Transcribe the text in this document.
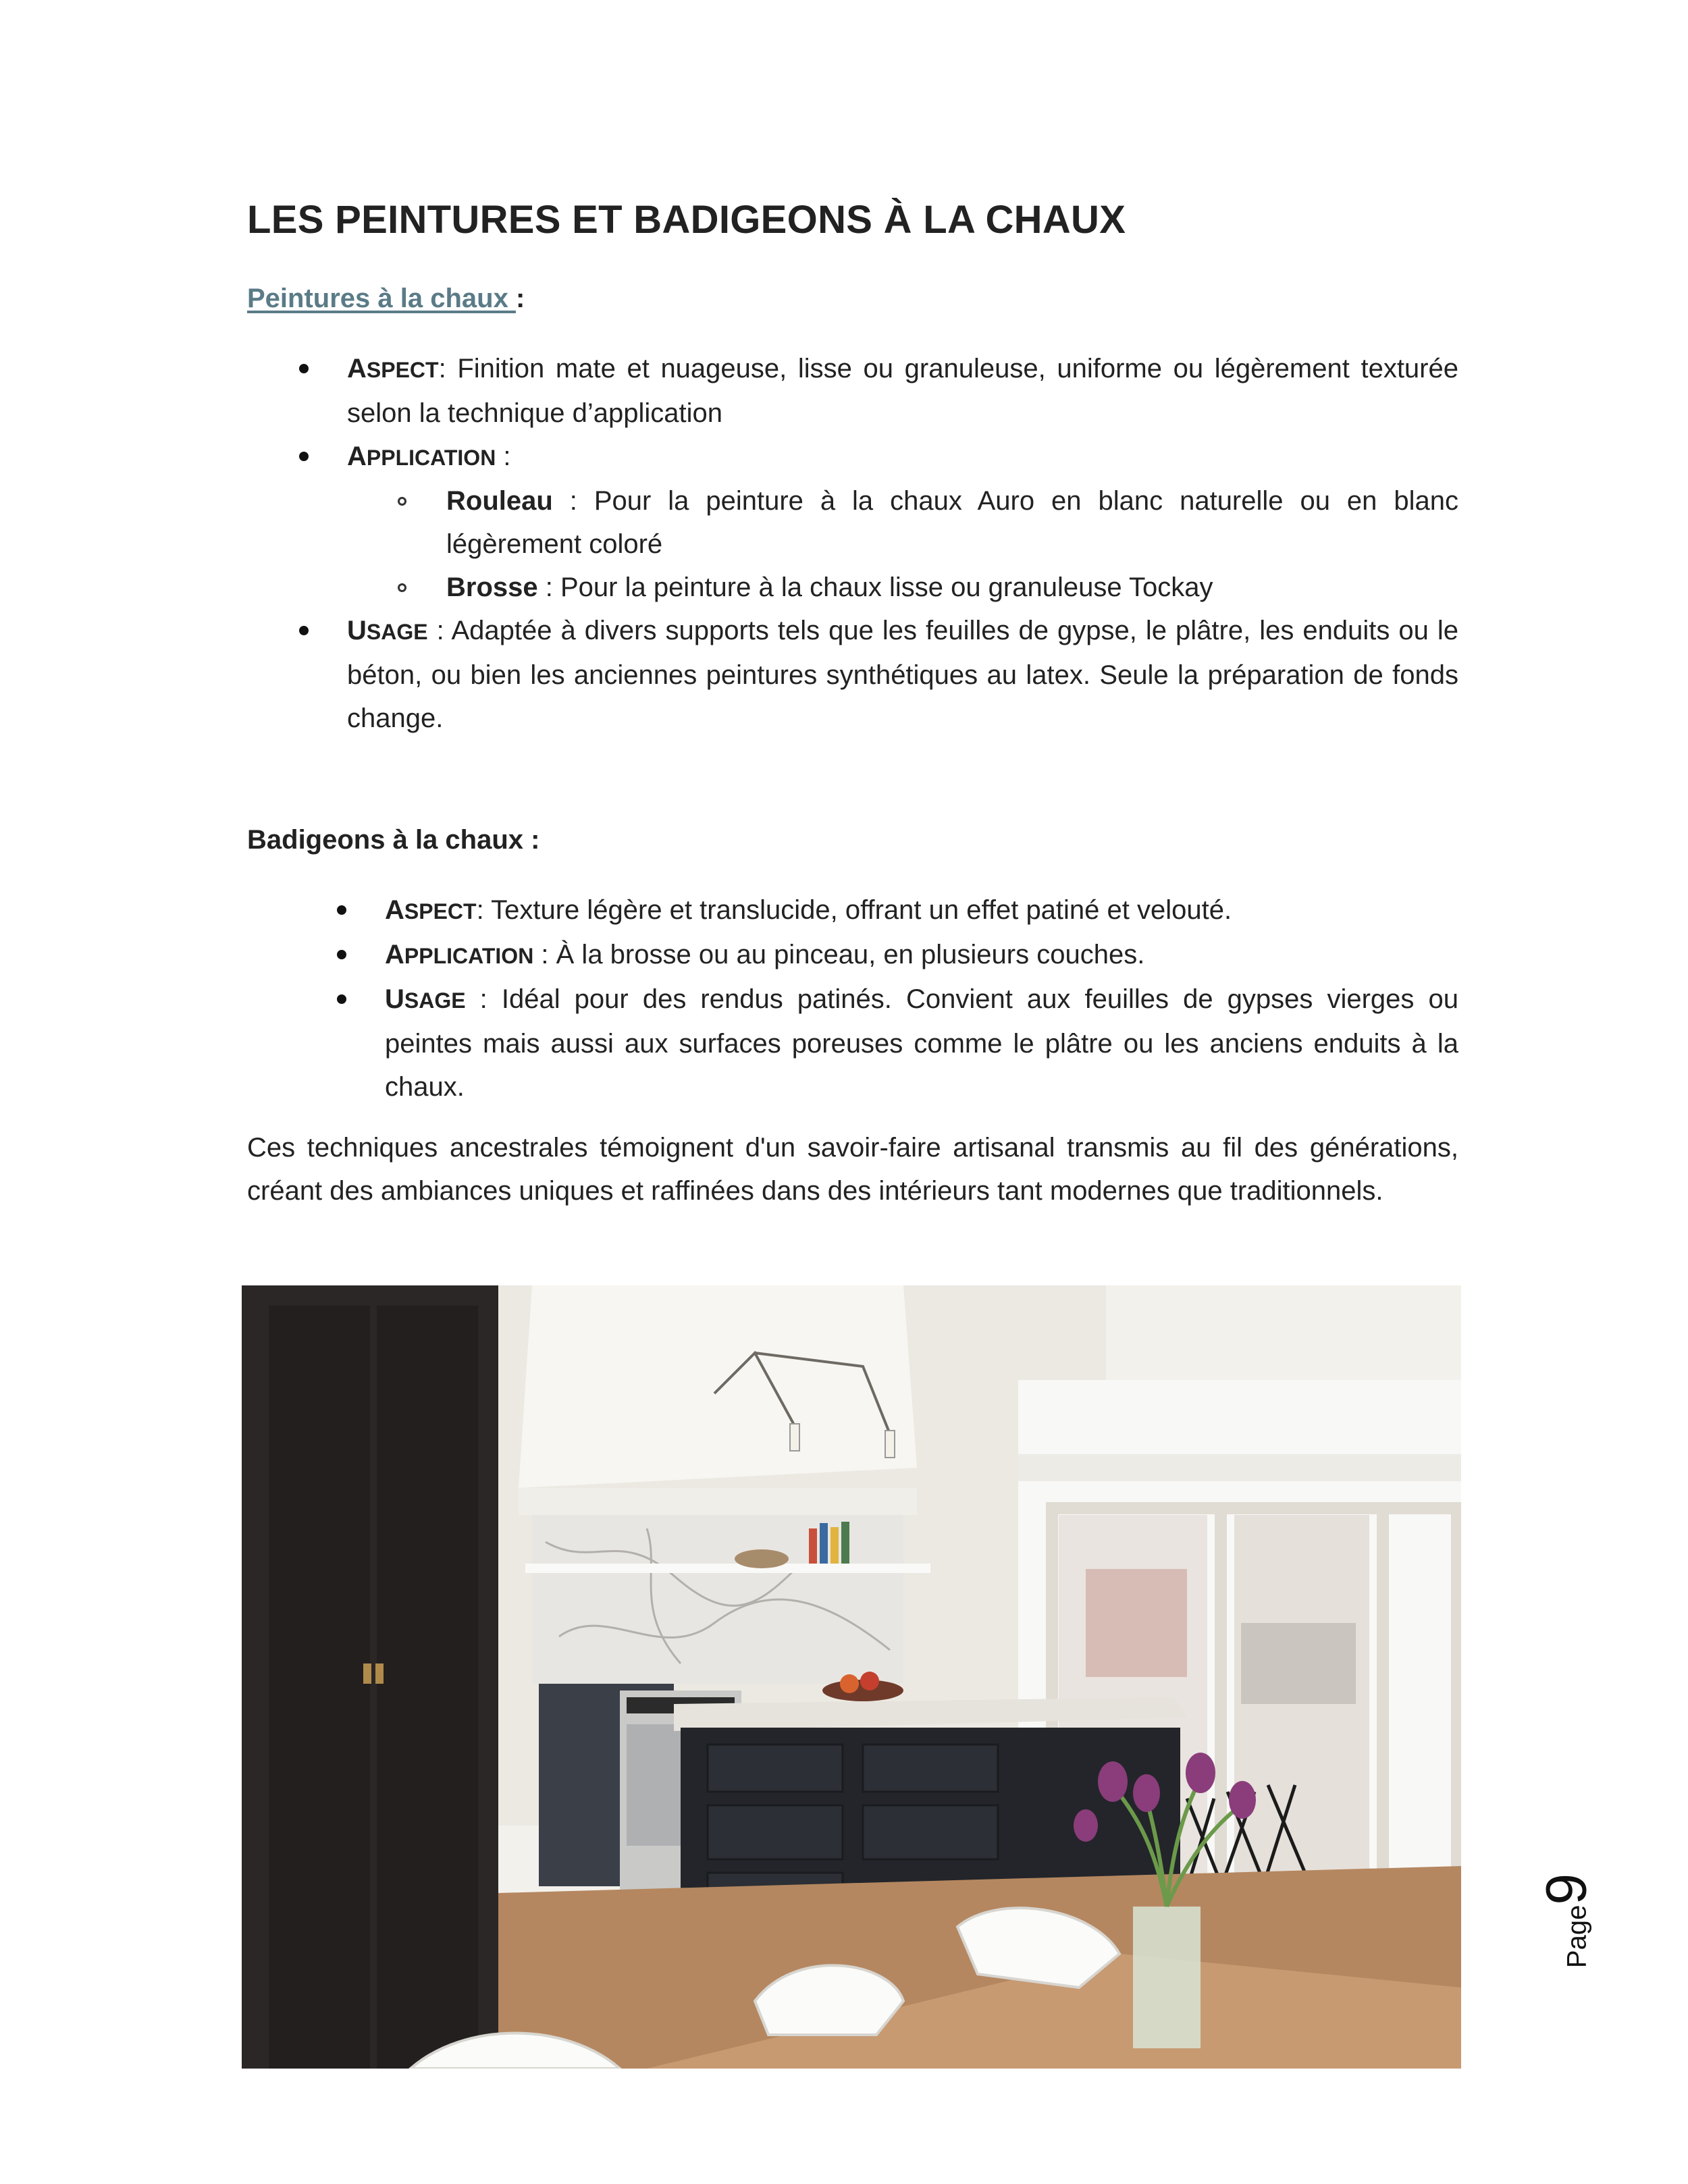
LES PEINTURES ET BADIGEONS À LA CHAUX
Peintures à la chaux :
ASPECT: Finition mate et nuageuse, lisse ou granuleuse, uniforme ou légèrement texturée selon la technique d’application
APPLICATION :
Rouleau : Pour la peinture à la chaux Auro en blanc naturelle ou en blanc légèrement coloré
Brosse : Pour la peinture à la chaux lisse ou granuleuse Tockay
USAGE : Adaptée à divers supports tels que les feuilles de gypse, le plâtre, les enduits ou le béton, ou bien les anciennes peintures synthétiques au latex. Seule la préparation de fonds change.
Badigeons à la chaux :
ASPECT: Texture légère et translucide, offrant un effet patiné et velouté.
APPLICATION : À la brosse ou au pinceau, en plusieurs couches.
USAGE : Idéal pour des rendus patinés. Convient aux feuilles de gypses vierges ou peintes mais aussi aux surfaces poreuses comme le plâtre ou les anciens enduits à la chaux.
Ces techniques ancestrales témoignent d'un savoir-faire artisanal transmis au fil des générations, créant des ambiances uniques et raffinées dans des intérieurs tant modernes que traditionnels.
Page9
